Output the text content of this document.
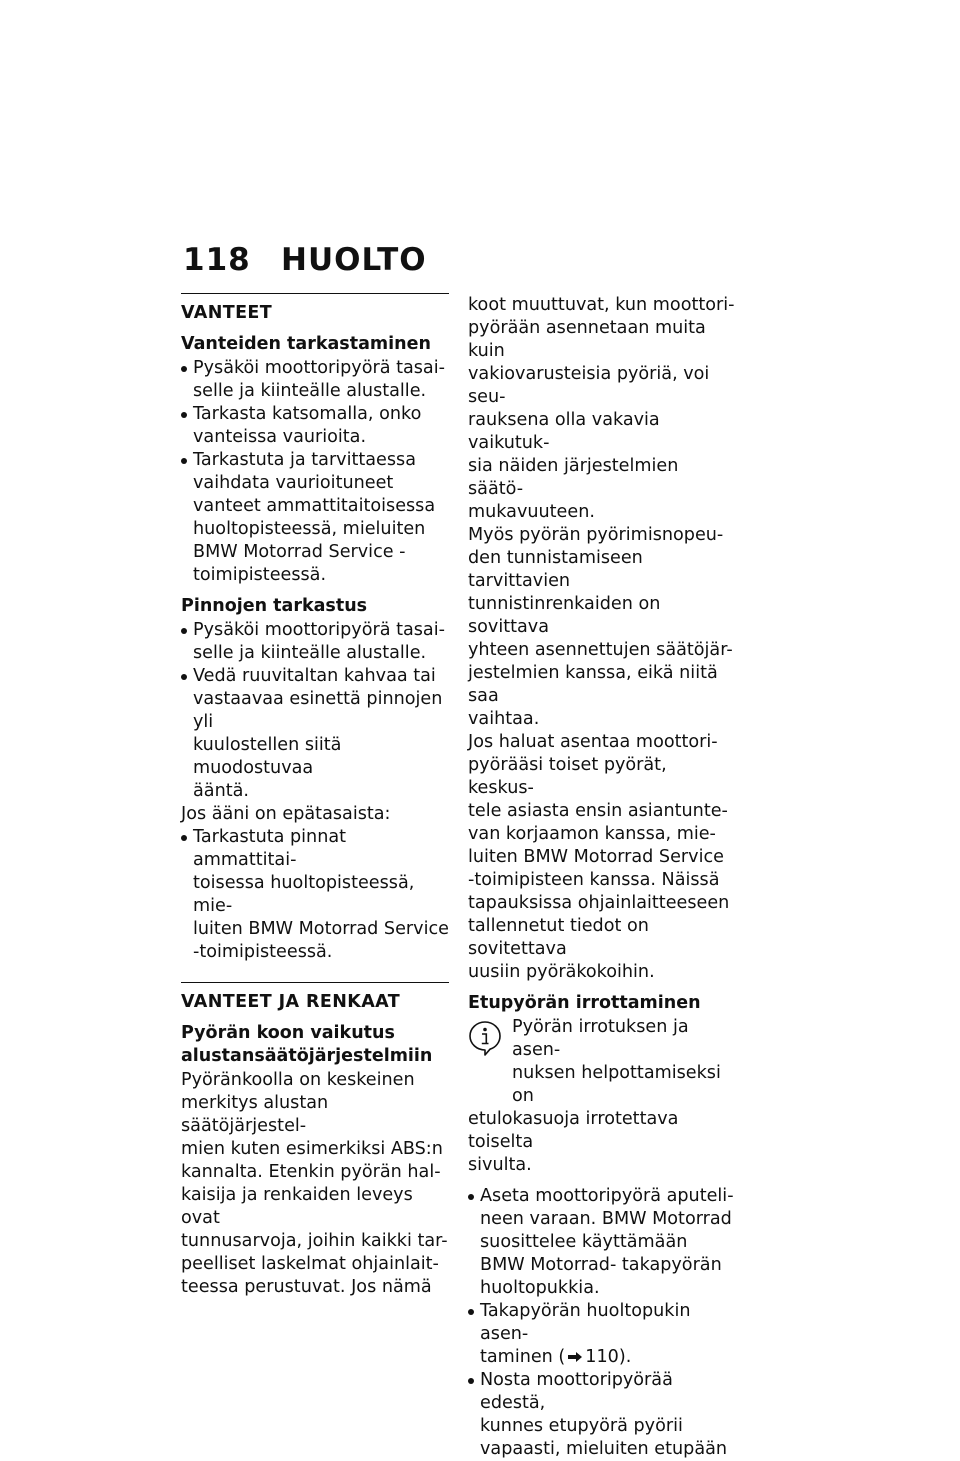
118 HUOLTO
VANTEET
Vanteiden tarkastaminen
Pysäköi moottoripyörä tasai-
selle ja kiinteälle alustalle.
Tarkasta katsomalla, onko
vanteissa vaurioita.
Tarkastuta ja tarvittaessa
vaihdata vaurioituneet
vanteet ammattitaitoisessa
huoltopisteessä, mieluiten
BMW Motorrad Service -
toimipisteessä.
Pinnojen tarkastus
Pysäköi moottoripyörä tasai-
selle ja kiinteälle alustalle.
Vedä ruuvitaltan kahvaa tai
vastaavaa esinettä pinnojen yli
kuulostellen siitä muodostuvaa
ääntä.

Jos ääni on epätasaista:

Tarkastuta pinnat ammattitai-
toisessa huoltopisteessä, mie-
luiten BMW Motorrad Service
-toimipisteessä.
VANTEET JA RENKAAT
Pyörän koon vaikutus
alustansäätöjärjestelmiin

Pyöränkoolla on keskeinen
merkitys alustan säätöjärjestel-
mien kuten esimerkiksi ABS:n
kannalta. Etenkin pyörän hal-
kaisija ja renkaiden leveys ovat
tunnusarvoja, joihin kaikki tar-
peelliset laskelmat ohjainlait-
teessa perustuvat. Jos nämä

koot muuttuvat, kun moottori-
pyörään asennetaan muita kuin
vakiovarusteisia pyöriä, voi seu-
rauksena olla vakavia vaikutuk-
sia näiden järjestelmien säätö-
mukavuuteen.

Myös pyörän pyörimisnopeu-
den tunnistamiseen tarvittavien
tunnistinrenkaiden on sovittava
yhteen asennettujen säätöjär-
jestelmien kanssa, eikä niitä saa
vaihtaa.

Jos haluat asentaa moottori-
pyörääsi toiset pyörät, keskus-
tele asiasta ensin asiantunte-
van korjaamon kanssa, mie-
luiten BMW Motorrad Service
-toimipisteen kanssa. Näissä
tapauksissa ohjainlaitteeseen
tallennetut tiedot on sovitettava
uusiin pyöräkokoihin.

Etupyörän irrottaminen

Pyörän irrotuksen ja asen-
nuksen helpottamiseksi on

etulokasuoja irrotettava toiselta
sivulta.

Aseta moottoripyörä aputeli-
neen varaan. BMW Motorrad
suosittelee käyttämään
BMW Motorrad- takapyörän
huoltopukkia.
Takapyörän huoltopukin asen-
taminen ( 110).
Nosta moottoripyörää edestä,
kunnes etupyörä pyörii
vapaasti, mieluiten etupään
